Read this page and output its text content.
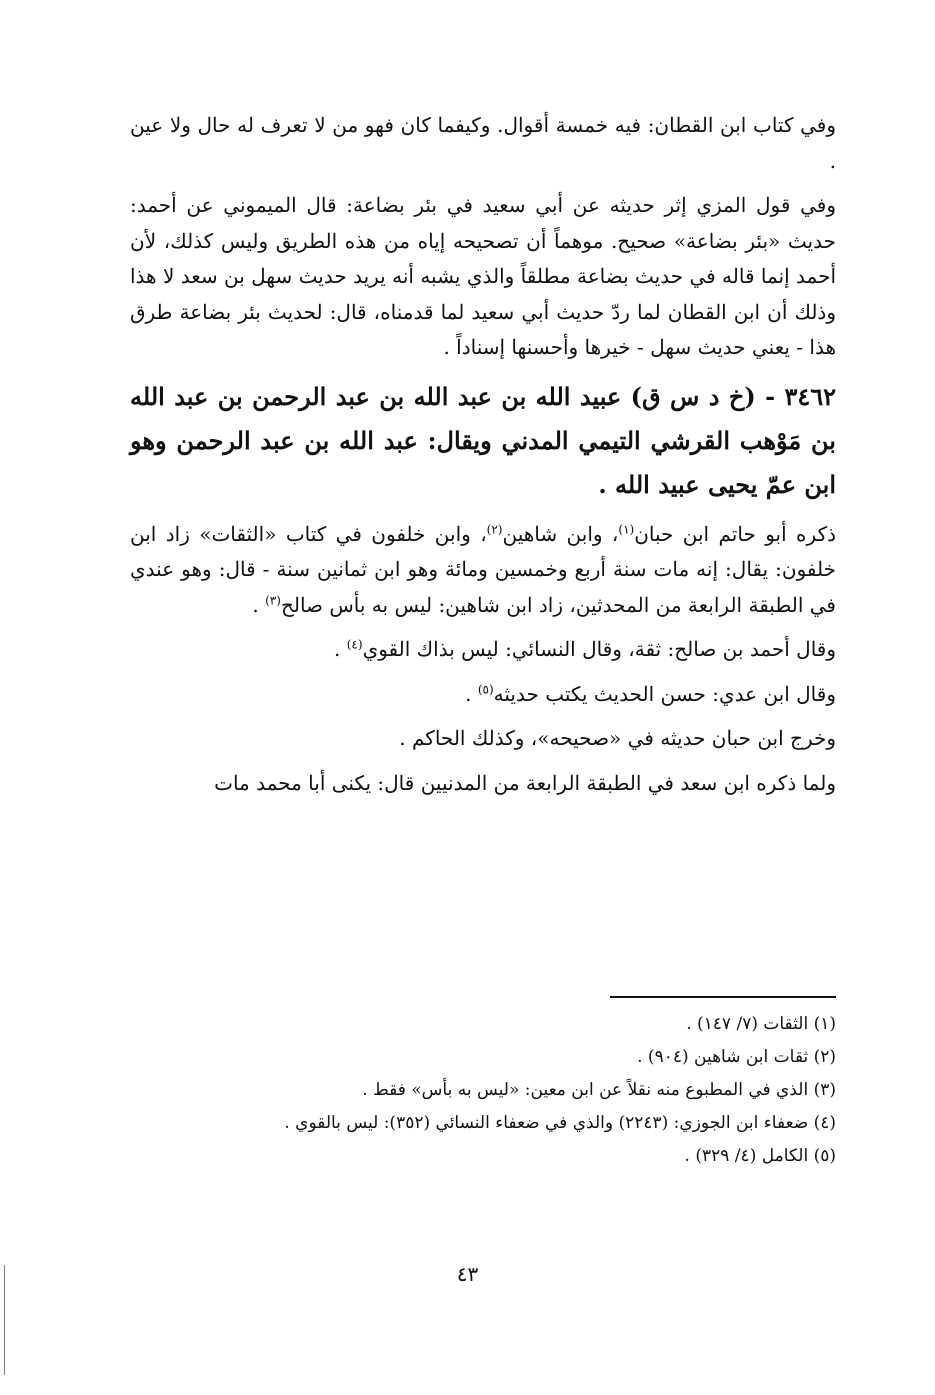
وفي كتاب ابن القطان: فيه خمسة أقوال. وكيفما كان فهو من لا تعرف له حال ولا عين .

وفي قول المزي إثر حديثه عن أبي سعيد في بئر بضاعة: قال الميموني عن أحمد: حديث «بئر بضاعة» صحيح. موهماً أن تصحيحه إياه من هذه الطريق وليس كذلك، لأن أحمد إنما قاله في حديث بضاعة مطلقاً والذي يشبه أنه يريد حديث سهل بن سعد لا هذا وذلك أن ابن القطان لما ردّ حديث أبي سعيد لما قدمناه، قال: لحديث بئر بضاعة طرق هذا - يعني حديث سهل - خيرها وأحسنها إسناداً .

٣٤٦٢ - (خ د س ق) عبيد الله بن عبد الله بن عبد الرحمن بن عبد الله بن مَوْهب القرشي التيمي المدني ويقال: عبد الله بن عبد الرحمن وهو ابن عمّ يحيى عبيد الله .

ذكره أبو حاتم ابن حبان$^{(١)}$، وابن شاهين$^{(٢)}$، وابن خلفون في كتاب «الثقات» زاد ابن خلفون: يقال: إنه مات سنة أربع وخمسين ومائة وهو ابن ثمانين سنة - قال: وهو عندي في الطبقة الرابعة من المحدثين، زاد ابن شاهين: ليس به بأس صالح$^{(٣)}$ .

وقال أحمد بن صالح: ثقة، وقال النسائي: ليس بذاك القوي$^{(٤)}$ .

وقال ابن عدي: حسن الحديث يكتب حديثه$^{(٥)}$ .

وخرج ابن حبان حديثه في «صحيحه»، وكذلك الحاكم .

ولما ذكره ابن سعد في الطبقة الرابعة من المدنيين قال: يكنى أبا محمد مات

(١) الثقات (٧/ ١٤٧) .
(٢) ثقات ابن شاهين (٩٠٤) .
(٣) الذي في المطبوع منه نقلاً عن ابن معين: «ليس به بأس» فقط .
(٤) ضعفاء ابن الجوزي: (٢٢٤٣) والذي في ضعفاء النسائي (٣٥٢): ليس بالقوي .
(٥) الكامل (٤/ ٣٢٩) .
٤٣
